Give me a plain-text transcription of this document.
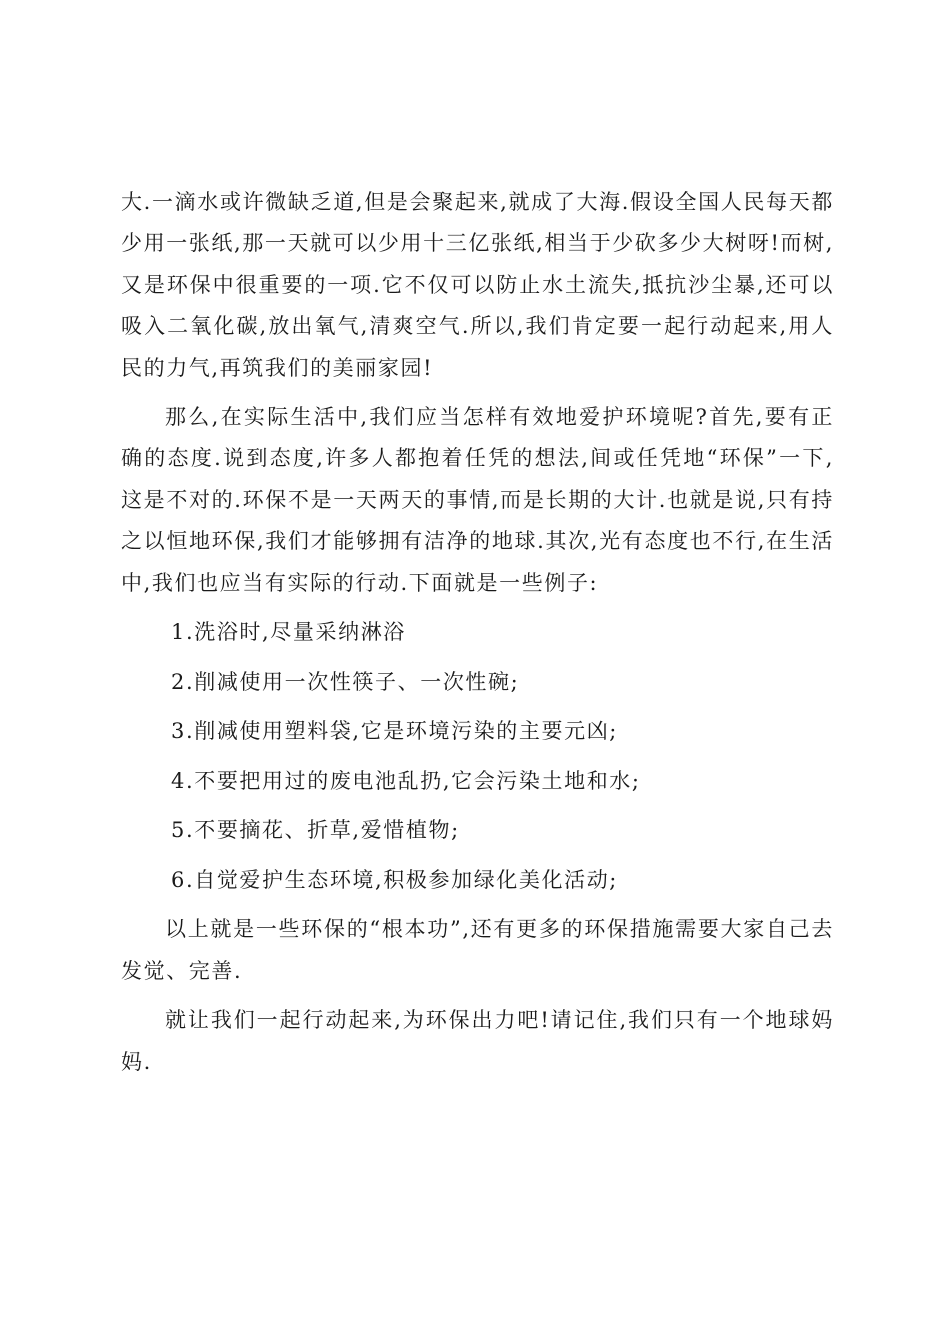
大.一滴水或许微缺乏道,但是会聚起来,就成了大海.假设全国人民每天都少用一张纸,那一天就可以少用十三亿张纸,相当于少砍多少大树呀!而树,又是环保中很重要的一项.它不仅可以防止水土流失,抵抗沙尘暴,还可以吸入二氧化碳,放出氧气,清爽空气.所以,我们肯定要一起行动起来,用人民的力气,再筑我们的美丽家园!

那么,在实际生活中,我们应当怎样有效地爱护环境呢?首先,要有正确的态度.说到态度,许多人都抱着任凭的想法,间或任凭地“环保”一下,这是不对的.环保不是一天两天的事情,而是长期的大计.也就是说,只有持之以恒地环保,我们才能够拥有洁净的地球.其次,光有态度也不行,在生活中,我们也应当有实际的行动.下面就是一些例子:

1.洗浴时,尽量采纳淋浴
2.削减使用一次性筷子、一次性碗;
3.削减使用塑料袋,它是环境污染的主要元凶;
4.不要把用过的废电池乱扔,它会污染土地和水;
5.不要摘花、折草,爱惜植物;
6.自觉爱护生态环境,积极参加绿化美化活动;

以上就是一些环保的“根本功”,还有更多的环保措施需要大家自己去发觉、完善.

就让我们一起行动起来,为环保出力吧!请记住,我们只有一个地球妈妈.
